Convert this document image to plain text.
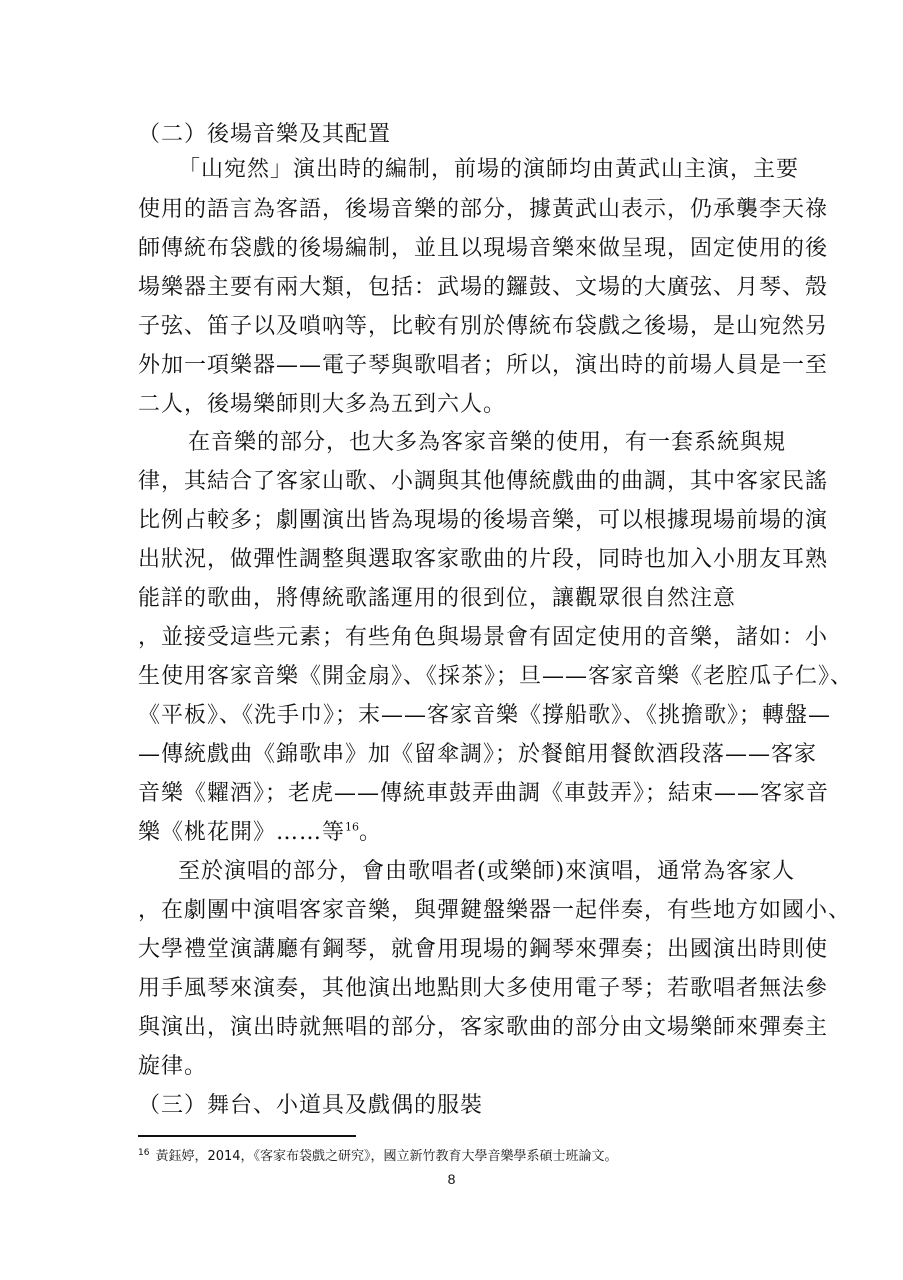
（二）後場音樂及其配置
「山宛然」演出時的編制，前場的演師均由黃武山主演，主要
使用的語言為客語，後場音樂的部分，據黃武山表示，仍承襲李天祿
師傳統布袋戲的後場編制，並且以現場音樂來做呈現，固定使用的後
場樂器主要有兩大類，包括：武場的鑼鼓、文場的大廣弦、月琴、殼
子弦、笛子以及嗩吶等，比較有別於傳統布袋戲之後場，是山宛然另
外加一項樂器——電子琴與歌唱者；所以，演出時的前場人員是一至
二人，後場樂師則大多為五到六人。
在音樂的部分，也大多為客家音樂的使用，有一套系統與規
律，其結合了客家山歌、小調與其他傳統戲曲的曲調，其中客家民謠
比例占較多；劇團演出皆為現場的後場音樂，可以根據現場前場的演
出狀況，做彈性調整與選取客家歌曲的片段，同時也加入小朋友耳熟
能詳的歌曲，將傳統歌謠運用的很到位，讓觀眾很自然注意
，並接受這些元素；有些角色與場景會有固定使用的音樂，諸如：小
生使用客家音樂《開金扇》、《採茶》；旦——客家音樂《老腔瓜子仁》、
《平板》、《洗手巾》；末——客家音樂《撐船歌》、《挑擔歌》；轉盤—
—傳統戲曲《錦歌串》加《留傘調》；於餐館用餐飲酒段落——客家
音樂《糶酒》；老虎——傳統車鼓弄曲調《車鼓弄》；結束——客家音
樂《桃花開》……等$^{16}$。
至於演唱的部分，會由歌唱者(或樂師)來演唱，通常為客家人
，在劇團中演唱客家音樂，與彈鍵盤樂器一起伴奏，有些地方如國小、
大學禮堂演講廳有鋼琴，就會用現場的鋼琴來彈奏；出國演出時則使
用手風琴來演奏，其他演出地點則大多使用電子琴；若歌唱者無法參
與演出，演出時就無唱的部分，客家歌曲的部分由文場樂師來彈奏主
旋律。
（三）舞台、小道具及戲偶的服裝
$^{16}$ 黃鈺婷，2014，《客家布袋戲之研究》，國立新竹教育大學音樂學系碩士班論文。
8
